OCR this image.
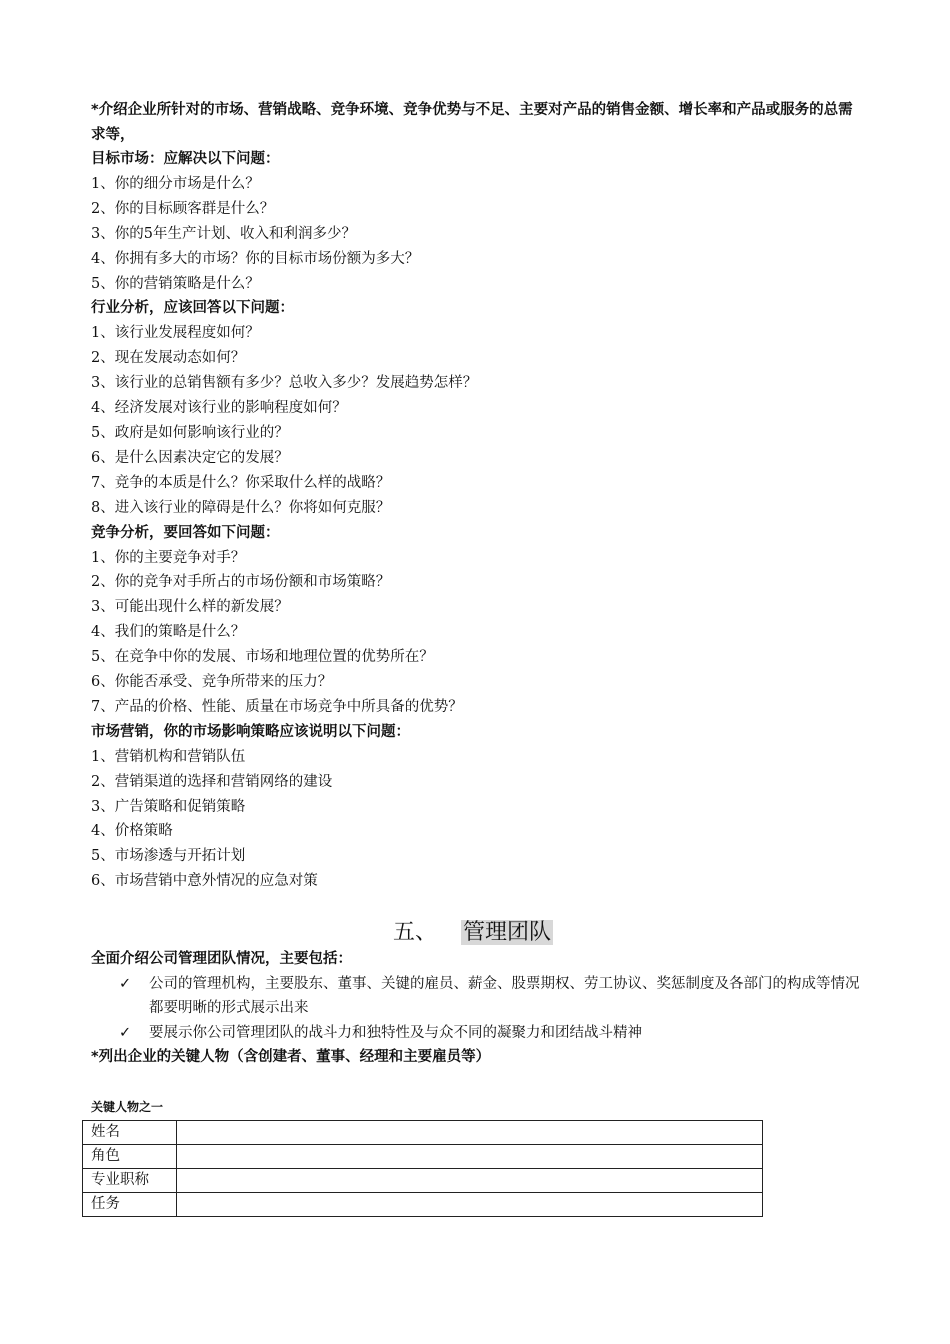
*介绍企业所针对的市场、营销战略、竞争环境、竞争优势与不足、主要对产品的销售金额、增长率和产品或服务的总需求等，
目标市场：应解决以下问题：
1、你的细分市场是什么？
2、你的目标顾客群是什么？
3、你的5年生产计划、收入和利润多少？
4、你拥有多大的市场？你的目标市场份额为多大？
5、你的营销策略是什么？
行业分析，应该回答以下问题：
1、该行业发展程度如何？
2、现在发展动态如何？
3、该行业的总销售额有多少？总收入多少？发展趋势怎样？
4、经济发展对该行业的影响程度如何？
5、政府是如何影响该行业的？
6、是什么因素决定它的发展？
7、竞争的本质是什么？你采取什么样的战略？
8、进入该行业的障碍是什么？你将如何克服？
竞争分析，要回答如下问题：
1、你的主要竞争对手？
2、你的竞争对手所占的市场份额和市场策略？
3、可能出现什么样的新发展？
4、我们的策略是什么？
5、在竞争中你的发展、市场和地理位置的优势所在？
6、你能否承受、竞争所带来的压力？
7、产品的价格、性能、质量在市场竞争中所具备的优势？
市场营销，你的市场影响策略应该说明以下问题：
1、营销机构和营销队伍
2、营销渠道的选择和营销网络的建设
3、广告策略和促销策略
4、价格策略
5、市场渗透与开拓计划
6、市场营销中意外情况的应急对策
五、 管理团队
全面介绍公司管理团队情况，主要包括：
✓ 公司的管理机构，主要股东、董事、关键的雇员、薪金、股票期权、劳工协议、奖惩制度及各部门的构成等情况都要明晰的形式展示出来
✓ 要展示你公司管理团队的战斗力和独特性及与众不同的凝聚力和团结战斗精神
*列出企业的关键人物（含创建者、董事、经理和主要雇员等）
关键人物之一
姓名	
角色	
专业职称	
任务	
